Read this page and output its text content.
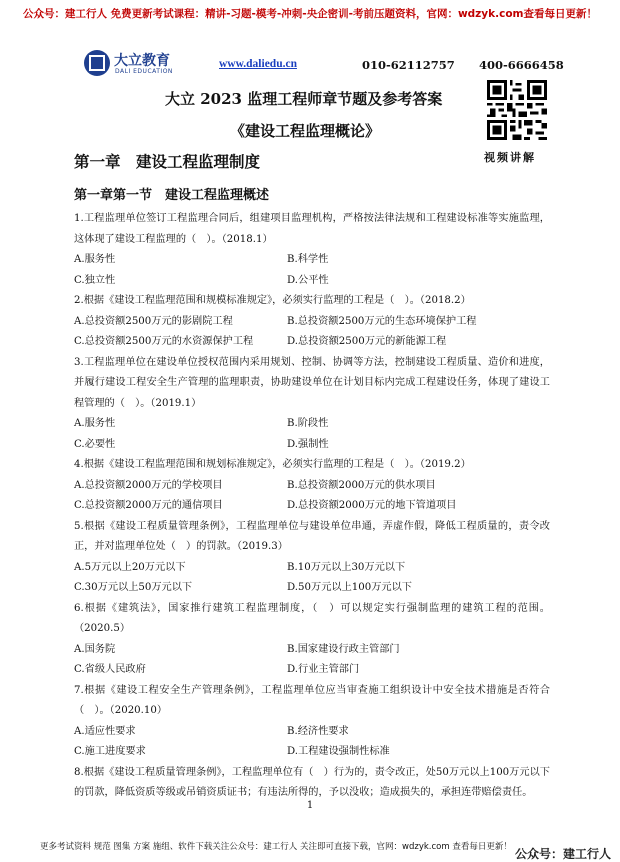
公众号：建工行人 免费更新考试课程：精讲-习题-模考-冲刺-央企密训-考前压题资料，官网：wdzyk.com查看每日更新！
大立教育
DALI EDUCATION
www.daliedu.cn	010-62112757 400-6666458
大立 2023 监理工程师章节题及参考答案
《建设工程监理概论》
视频讲解
第一章　建设工程监理制度
第一章第一节　建设工程监理概述

1.工程监理单位签订工程监理合同后，组建项目监理机构，严格按法律法规和工程建设标准等实施监理，这体现了建设工程监理的（　）。（2018.1）

A.服务性	B.科学性
C.独立性	D.公平性

2.根据《建设工程监理范围和规模标准规定》，必须实行监理的工程是（　）。（2018.2）

A.总投资额2500万元的影剧院工程	B.总投资额2500万元的生态环境保护工程
C.总投资额2500万元的水资源保护工程	D.总投资额2500万元的新能源工程

3.工程监理单位在建设单位授权范围内采用规划、控制、协调等方法，控制建设工程质量、造价和进度，并履行建设工程安全生产管理的监理职责，协助建设单位在计划目标内完成工程建设任务，体现了建设工程管理的（　）。（2019.1）

A.服务性	B.阶段性
C.必要性	D.强制性

4.根据《建设工程监理范围和规划标准规定》，必须实行监理的工程是（　）。（2019.2）

A.总投资额2000万元的学校项目	B.总投资额2000万元的供水项目
C.总投资额2000万元的通信项目	D.总投资额2000万元的地下管道项目

5.根据《建设工程质量管理条例》，工程监理单位与建设单位串通，弄虚作假，降低工程质量的，责令改正，并对监理单位处（　）的罚款。（2019.3）

A.5万元以上20万元以下	B.10万元以上30万元以下
C.30万元以上50万元以下	D.50万元以上100万元以下

6.根据《建筑法》，国家推行建筑工程监理制度，（　）可以规定实行强制监理的建筑工程的范围。（2020.5）

A.国务院	B.国家建设行政主管部门
C.省级人民政府	D.行业主管部门

7.根据《建设工程安全生产管理条例》，工程监理单位应当审查施工组织设计中安全技术措施是否符合（　）。（2020.10）

A.适应性要求	B.经济性要求
C.施工进度要求	D.工程建设强制性标准

8.根据《建设工程质量管理条例》，工程监理单位有（　）行为的，责令改正，处50万元以上100万元以下的罚款，降低资质等级或吊销资质证书；有违法所得的，予以没收；造成损失的，承担连带赔偿责任。

1
更多考试资料 规范 图集 方案 施组、软件下载关注公众号：建工行人 关注即可直接下载，官网：wdzyk.com 查看每日更新！ 公众号：建工行人
